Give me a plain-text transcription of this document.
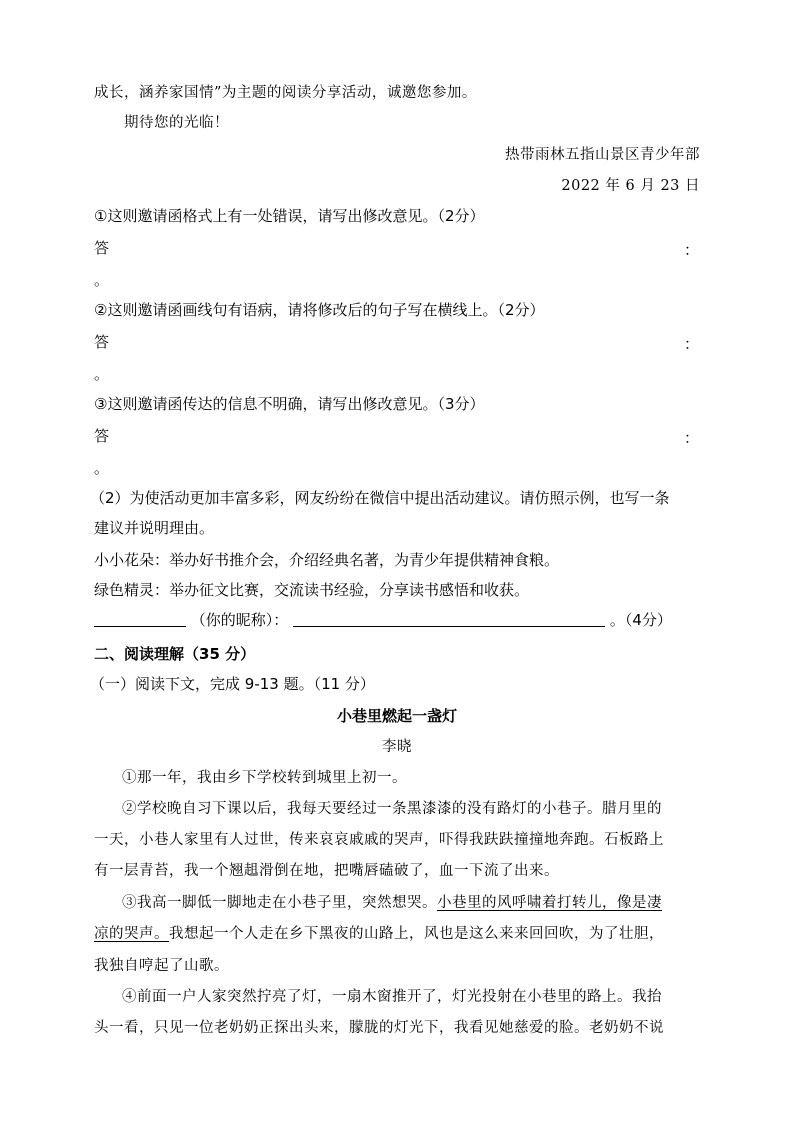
成长，涵养家国情”为主题的阅读分享活动，诚邀您参加。
期待您的光临！
热带雨林五指山景区青少年部
2022 年 6 月 23 日
①这则邀请函格式上有一处错误，请写出修改意见。（2分）
答	：
。
②这则邀请函画线句有语病，请将修改后的句子写在横线上。（2分）
答	：
。
③这则邀请函传达的信息不明确，请写出修改意见。（3分）
答	：
。
（2）为使活动更加丰富多彩，网友纷纷在微信中提出活动建议。请仿照示例，也写一条
建议并说明理由。
小小花朵：举办好书推介会，介绍经典名著，为青少年提供精神食粮。
绿色精灵：举办征文比赛，交流读书经验，分享读书感悟和收获。
（你的昵称）：	。（4分）
二、阅读理解（35 分）
（一）阅读下文，完成 9-13 题。（11 分）
小巷里燃起一盏灯
李晓
①那一年，我由乡下学校转到城里上初一。
②学校晚自习下课以后，我每天要经过一条黑漆漆的没有路灯的小巷子。腊月里的
一天，小巷人家里有人过世，传来哀哀戚戚的哭声，吓得我趺趺撞撞地奔跑。石板路上
有一层青苔，我一个翘趄滑倒在地，把嘴唇磕破了，血一下流了出来。
③我高一脚低一脚地走在小巷子里，突然想哭。小巷里的风呼啸着打转儿，像是凄
凉的哭声。我想起一个人走在乡下黑夜的山路上，风也是这么来来回回吹，为了壮胆，
我独自哼起了山歌。
④前面一户人家突然拧亮了灯，一扇木窗推开了，灯光投射在小巷里的路上。我抬
头一看，只见一位老奶奶正探出头来，朦胧的灯光下，我看见她慈爱的脸。老奶奶不说
